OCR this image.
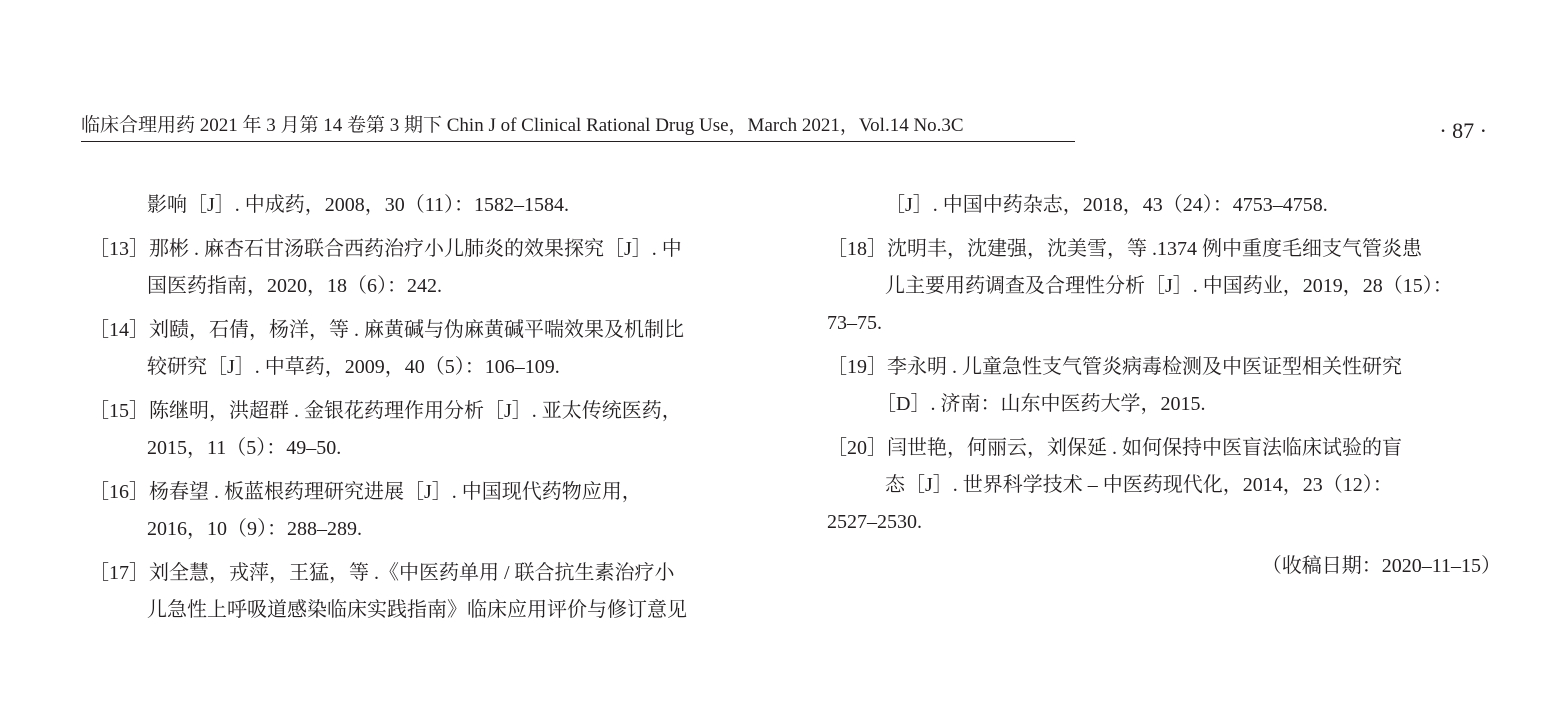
临床合理用药 2021 年 3 月第 14 卷第 3 期下 Chin J of Clinical Rational Drug Use，March 2021，Vol.14 No.3C	· 87 ·
影响［J］. 中成药，2008，30（11）：1582–1584.
［13］那彬 . 麻杏石甘汤联合西药治疗小儿肺炎的效果探究［J］. 中
国医药指南，2020，18（6）：242.
［14］刘赜，石倩，杨洋，等 . 麻黄碱与伪麻黄碱平喘效果及机制比
较研究［J］. 中草药，2009，40（5）：106–109.
［15］陈继明，洪超群 . 金银花药理作用分析［J］. 亚太传统医药，
2015，11（5）：49–50.
［16］杨春望 . 板蓝根药理研究进展［J］. 中国现代药物应用，
2016，10（9）：288–289.
［17］刘全慧，戎萍，王猛，等 .《中医药单用 / 联合抗生素治疗小
儿急性上呼吸道感染临床实践指南》临床应用评价与修订意见
［J］. 中国中药杂志，2018，43（24）：4753–4758.
［18］沈明丰，沈建强，沈美雪，等 .1374 例中重度毛细支气管炎患
儿主要用药调查及合理性分析［J］. 中国药业，2019，28（15）：
73–75.
［19］李永明 . 儿童急性支气管炎病毒检测及中医证型相关性研究
［D］. 济南：山东中医药大学，2015.
［20］闫世艳，何丽云，刘保延 . 如何保持中医盲法临床试验的盲
态［J］. 世界科学技术 – 中医药现代化，2014，23（12）：
2527–2530.
（收稿日期：2020–11–15）
